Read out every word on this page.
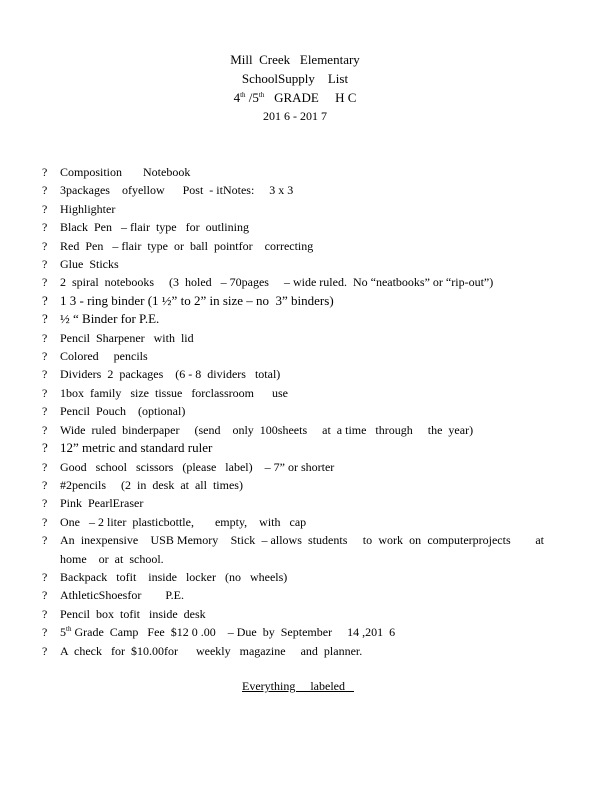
Mill  Creek   Elementary
SchoolSupply    List
4th /5th   GRADE     H C
201 6 - 201 7
? Composition       Notebook
? 3packages    ofyellow      Post  - itNotes:     3 x 3
? Highlighter
? Black  Pen   – flair  type   for  outlining
? Red  Pen   – flair  type  or  ball  pointfor    correcting
? Glue  Sticks
? 2  spiral  notebooks     (3  holed   – 70pages     – wide ruled.  No “neatbooks” or “rip-out”)
? 1 3 - ring binder (1 ½” to 2” in size – no  3” binders)
? ½ “ Binder for P.E.
? Pencil  Sharpener   with  lid
? Colored     pencils
? Dividers  2  packages    (6 - 8  dividers   total)
? 1box  family   size  tissue   forclassroom      use
? Pencil  Pouch    (optional)
? Wide  ruled  binderpaper     (send    only  100sheets     at  a time   through     the  year)
? 12” metric and standard ruler
? Good   school   scissors   (please   label)    – 7” or shorter
? #2pencils     (2  in  desk  at  all  times)
? Pink  PearlEraser
? One   – 2 liter  plasticbottle,       empty,    with   cap
? An  inexpensive    USB Memory    Stick  – allows  students     to  work  on  computerprojects        at home    or  at  school.
? Backpack   tofit    inside   locker   (no   wheels)
? AthleticShoesfor        P.E.
? Pencil  box  tofit   inside  desk
? 5th Grade  Camp   Fee  $12 0 .00    – Due  by  September     14 ,201  6
? A  check   for  $10.00for      weekly   magazine     and  planner.
Everything     labeled
